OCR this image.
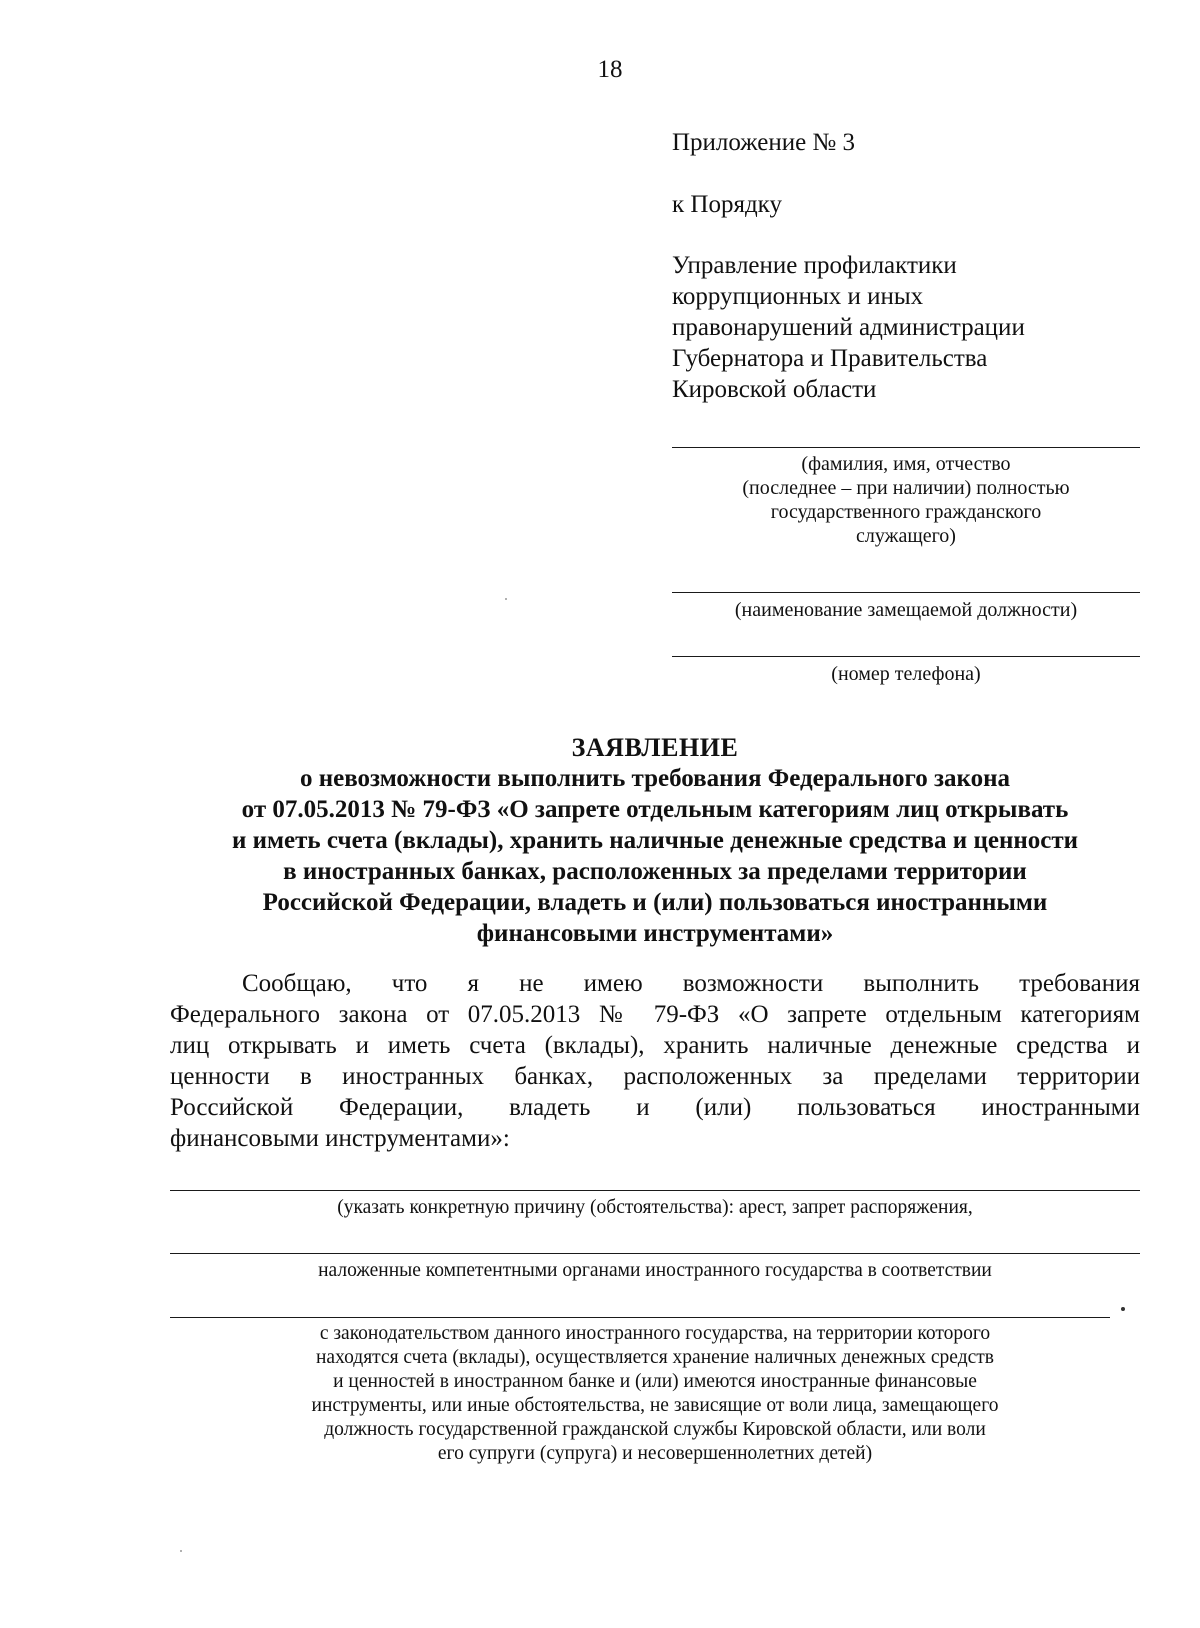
18
Приложение № 3
к Порядку
Управление профилактики
коррупционных и иных
правонарушений администрации
Губернатора и Правительства
Кировской области
(фамилия, имя, отчество
(последнее – при наличии) полностью
государственного гражданского
служащего)
(наименование замещаемой должности)
(номер телефона)
ЗАЯВЛЕНИЕ
о невозможности выполнить требования Федерального закона
от 07.05.2013 № 79-ФЗ «О запрете отдельным категориям лиц открывать
и иметь счета (вклады), хранить наличные денежные средства и ценности
в иностранных банках, расположенных за пределами территории
Российской Федерации, владеть и (или) пользоваться иностранными
финансовыми инструментами»
Сообщаю, что я не имею возможности выполнить требования
Федерального закона от 07.05.2013 № 79-ФЗ «О запрете отдельным категориям
лиц открывать и иметь счета (вклады), хранить наличные денежные средства и
ценности в иностранных банках, расположенных за пределами территории
Российской Федерации, владеть и (или) пользоваться иностранными
финансовыми инструментами»:
(указать конкретную причину (обстоятельства): арест, запрет распоряжения,
наложенные компетентными органами иностранного государства в соответствии
с законодательством данного иностранного государства, на территории которого
находятся счета (вклады), осуществляется хранение наличных денежных средств
и ценностей в иностранном банке и (или) имеются иностранные финансовые
инструменты, или иные обстоятельства, не зависящие от воли лица, замещающего
должность государственной гражданской службы Кировской области, или воли
его супруги (супруга) и несовершеннолетних детей)
